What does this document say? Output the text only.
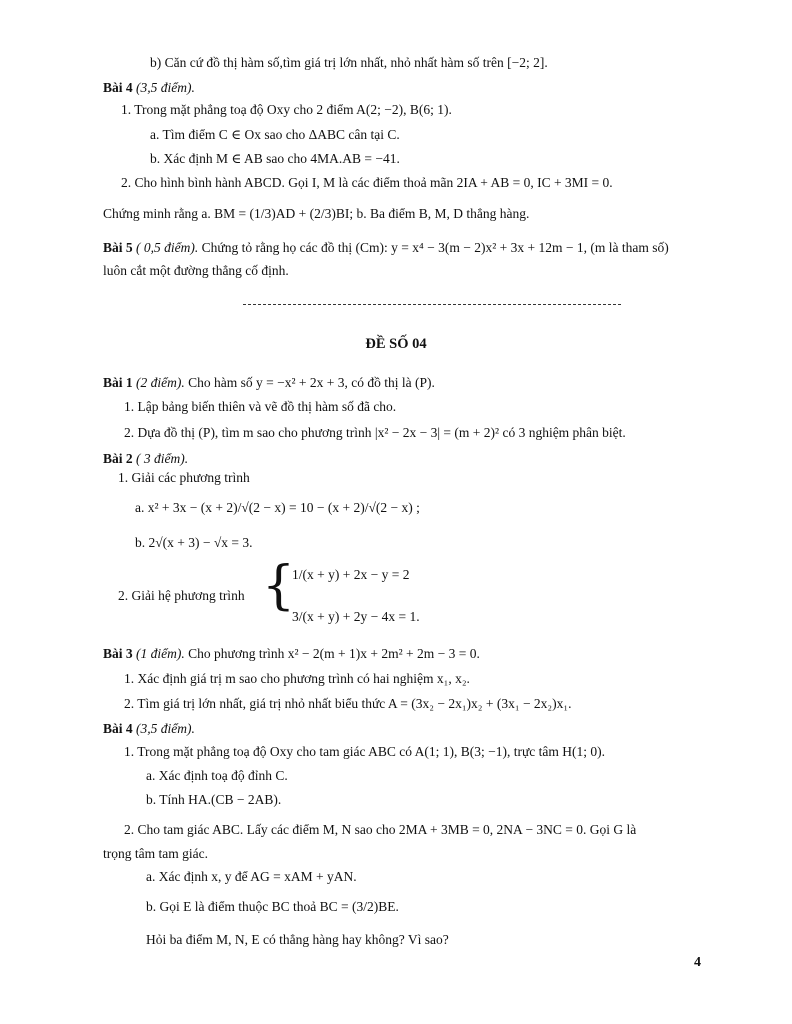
b) Căn cứ đồ thị hàm số,tìm giá trị lớn nhất, nhỏ nhất hàm số trên [−2; 2].
Bài 4 (3,5 điểm).
1. Trong mặt phẳng toạ độ Oxy cho 2 điểm A(2; −2), B(6; 1).
a. Tìm điểm C ∈ Ox sao cho ΔABC cân tại C.
b. Xác định M ∈ AB sao cho 4MA.AB = −41.
2. Cho hình bình hành ABCD. Gọi I, M là các điểm thoả mãn 2IA + AB = 0, IC + 3MI = 0.
Chứng minh rằng a. BM = (1/3)AD + (2/3)BI; b. Ba điểm B, M, D thẳng hàng.
Bài 5 ( 0,5 điểm). Chứng tỏ rằng họ các đồ thị (Cm): y = x⁴ − 3(m − 2)x² + 3x + 12m − 1, (m là tham số)
luôn cắt một đường thẳng cố định.
Bài 1 (2 điểm). Cho hàm số y = −x² + 2x + 3, có đồ thị là (P).
1. Lập bảng biến thiên và vẽ đồ thị hàm số đã cho.
2. Dựa đồ thị (P), tìm m sao cho phương trình |x² − 2x − 3| = (m + 2)² có 3 nghiệm phân biệt.
Bài 2 ( 3 điểm).
1. Giải các phương trình
a. x² + 3x − (x + 2)/√(2 − x) = 10 − (x + 2)/√(2 − x) ;
b. 2√(x + 3) − √x = 3.
1/(x + y) + 2x − y = 2
2. Giải hệ phương trình
3/(x + y) + 2y − 4x = 1.
Bài 3 (1 điểm). Cho phương trình x² − 2(m + 1)x + 2m² + 2m − 3 = 0.
1. Xác định giá trị m sao cho phương trình có hai nghiệm x₁, x₂.
2. Tìm giá trị lớn nhất, giá trị nhỏ nhất biểu thức A = (3x₂ − 2x₁)x₂ + (3x₁ − 2x₂)x₁.
Bài 4 (3,5 điểm).
1. Trong mặt phẳng toạ độ Oxy cho tam giác ABC có A(1; 1), B(3; −1), trực tâm H(1; 0).
a. Xác định toạ độ đỉnh C.
b. Tính HA.(CB − 2AB).
2. Cho tam giác ABC. Lấy các điểm M, N sao cho 2MA + 3MB = 0, 2NA − 3NC = 0. Gọi G là
trọng tâm tam giác.
a. Xác định x, y để AG = xAM + yAN.
b. Gọi E là điểm thuộc BC thoả BC = (3/2)BE.
Hỏi ba điểm M, N, E có thẳng hàng hay không? Vì sao?
ĐỀ SỐ 04
{
4
